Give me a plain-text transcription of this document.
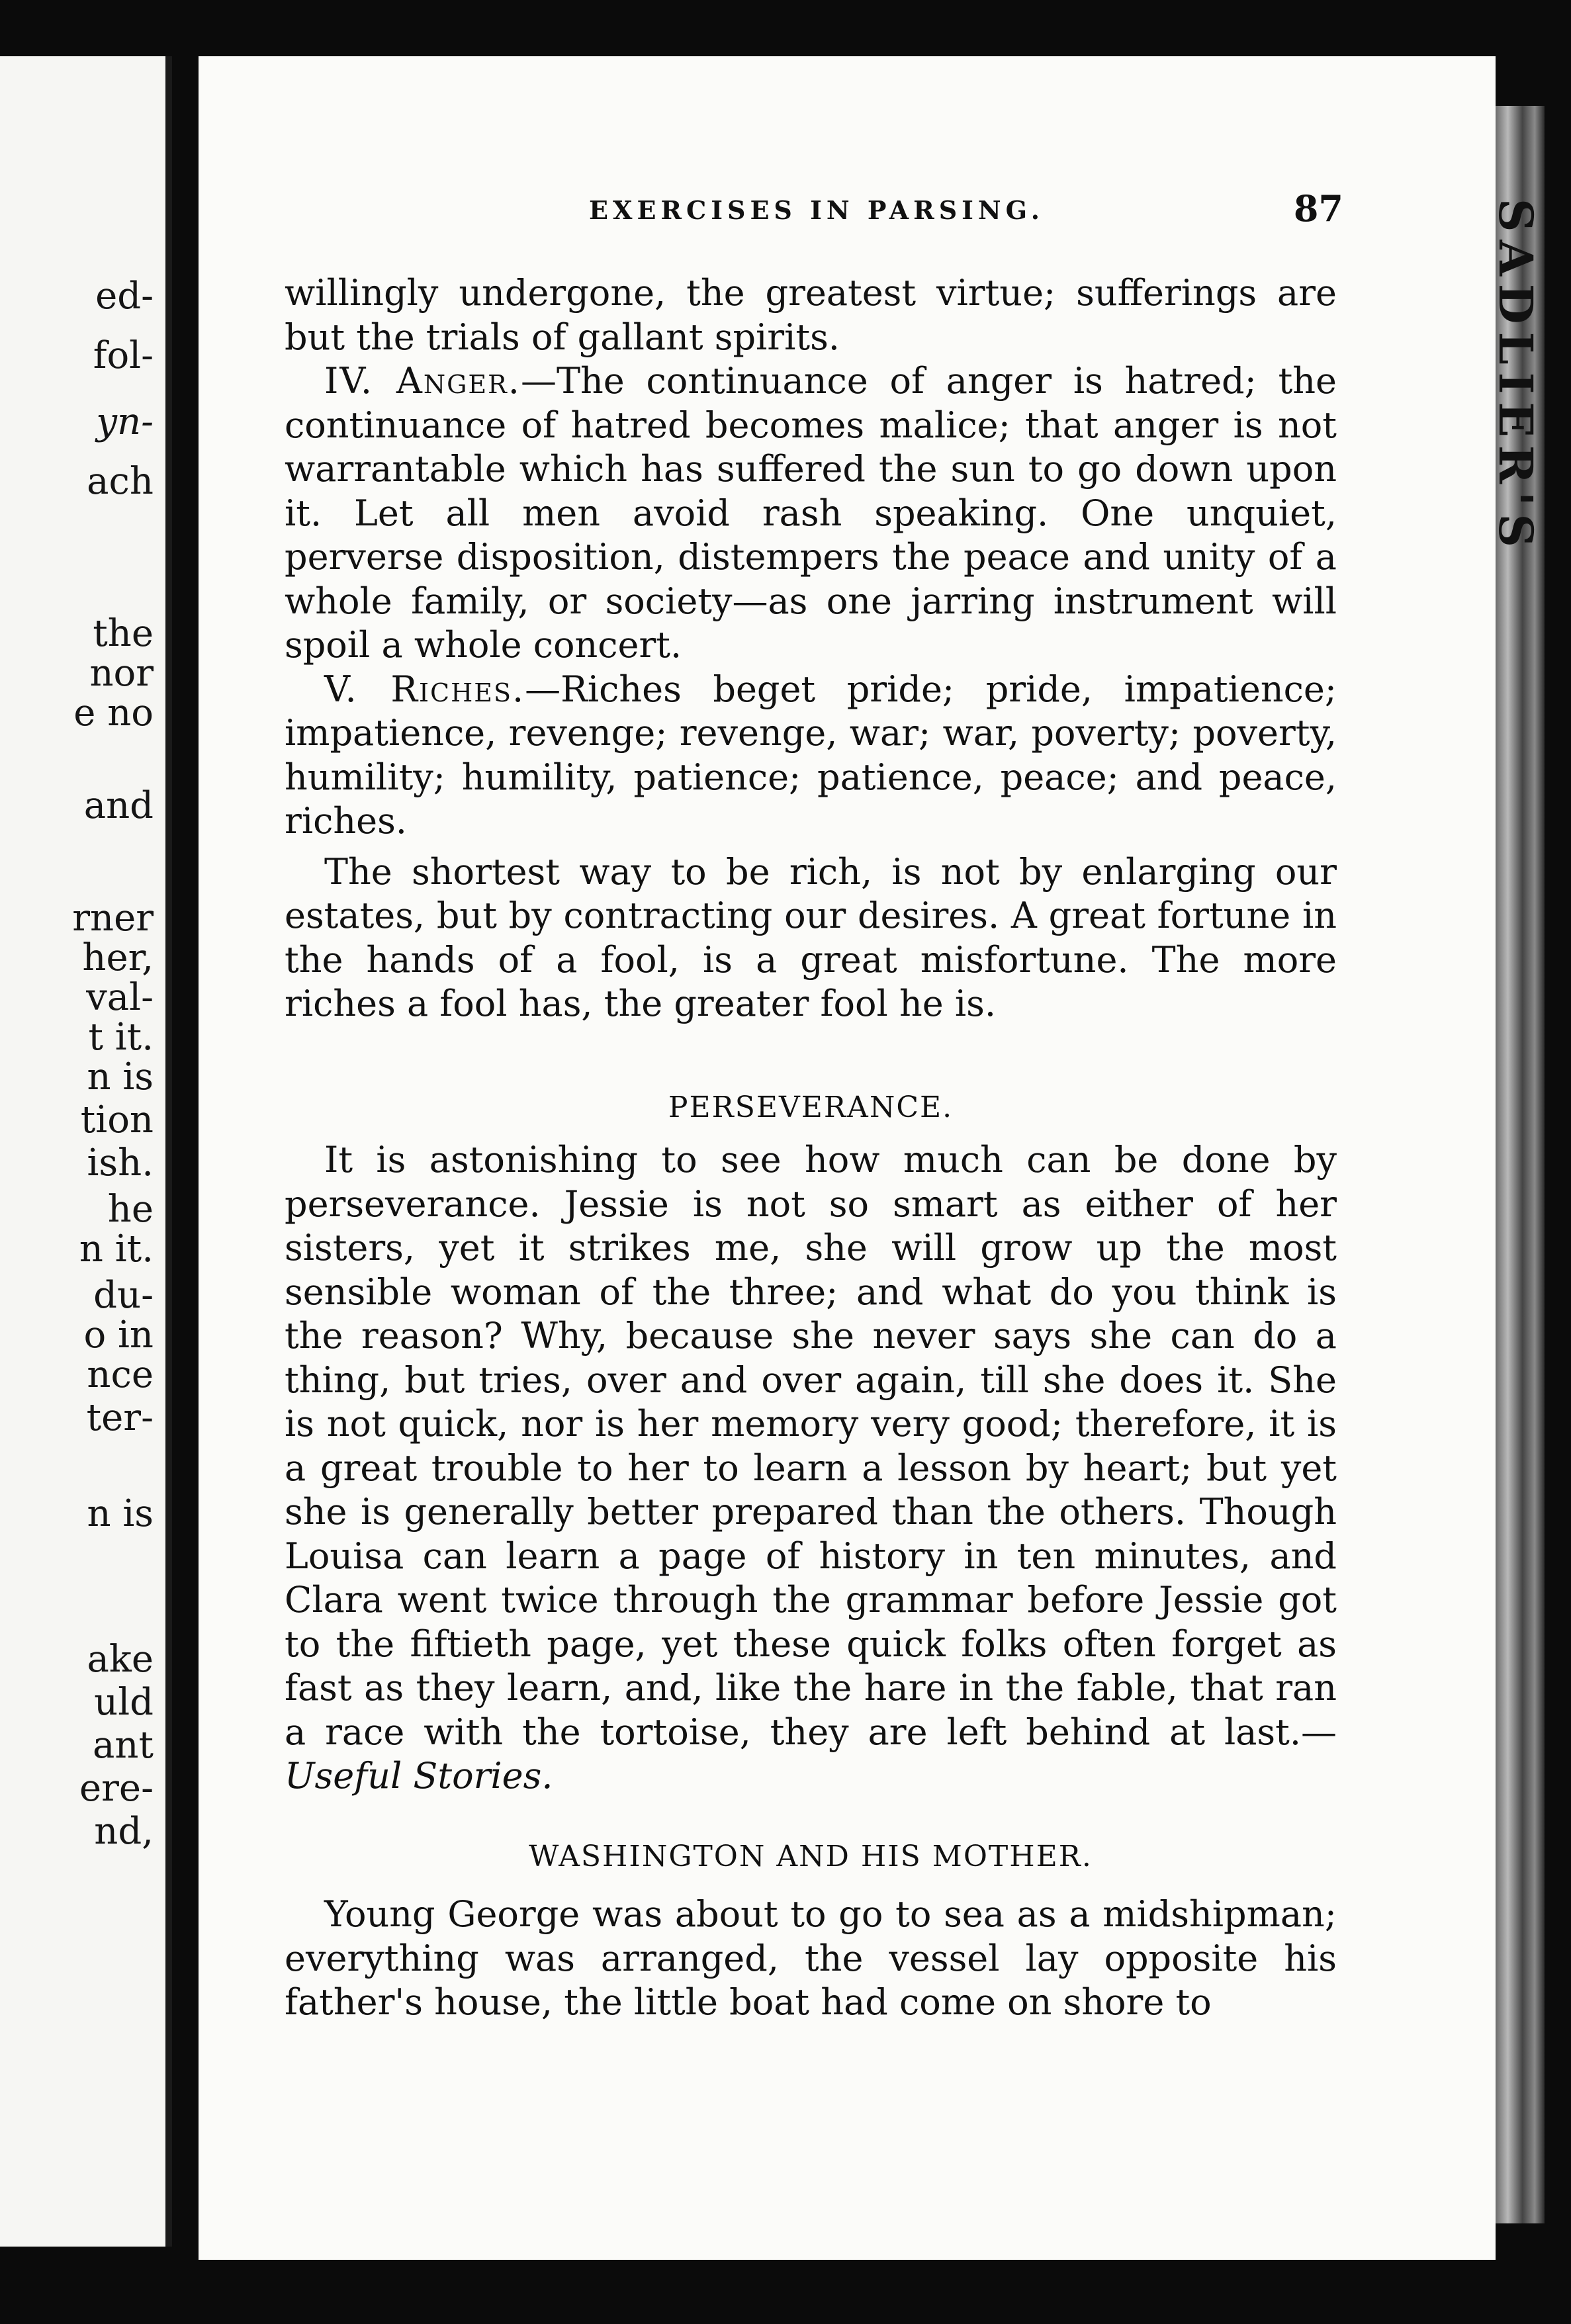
ed-
fol-
yn-
ach
the
nor
e no
and
rner
her,
val-
t it.
n is
tion
ish.
he
n it.
du-
o in
nce
ter-
n is
ake
uld
ant
ere-
nd,
SADLIER'S
EXERCISES IN PARSING.	87

willingly undergone, the greatest virtue; sufferings are but the trials of gallant spirits.

IV. Anger.—The continuance of anger is hatred; the continuance of hatred becomes malice; that anger is not warrantable which has suffered the sun to go down upon it. Let all men avoid rash speaking. One unquiet, perverse disposition, distempers the peace and unity of a whole family, or society—as one jarring instrument will spoil a whole concert.

V. Riches.—Riches beget pride; pride, impatience; impatience, revenge; revenge, war; war, poverty; poverty, humility; humility, patience; patience, peace; and peace, riches.

The shortest way to be rich, is not by enlarging our estates, but by contracting our desires. A great fortune in the hands of a fool, is a great misfortune. The more riches a fool has, the greater fool he is.

PERSEVERANCE.

It is astonishing to see how much can be done by perseverance. Jessie is not so smart as either of her sisters, yet it strikes me, she will grow up the most sensible woman of the three; and what do you think is the reason? Why, because she never says she can do a thing, but tries, over and over again, till she does it. She is not quick, nor is her memory very good; therefore, it is a great trouble to her to learn a lesson by heart; but yet she is generally better prepared than the others. Though Louisa can learn a page of history in ten minutes, and Clara went twice through the grammar before Jessie got to the fiftieth page, yet these quick folks often forget as fast as they learn, and, like the hare in the fable, that ran a race with the tortoise, they are left behind at last.—Useful Stories.

WASHINGTON AND HIS MOTHER.

Young George was about to go to sea as a midshipman; everything was arranged, the vessel lay opposite his father's house, the little boat had come on shore to
